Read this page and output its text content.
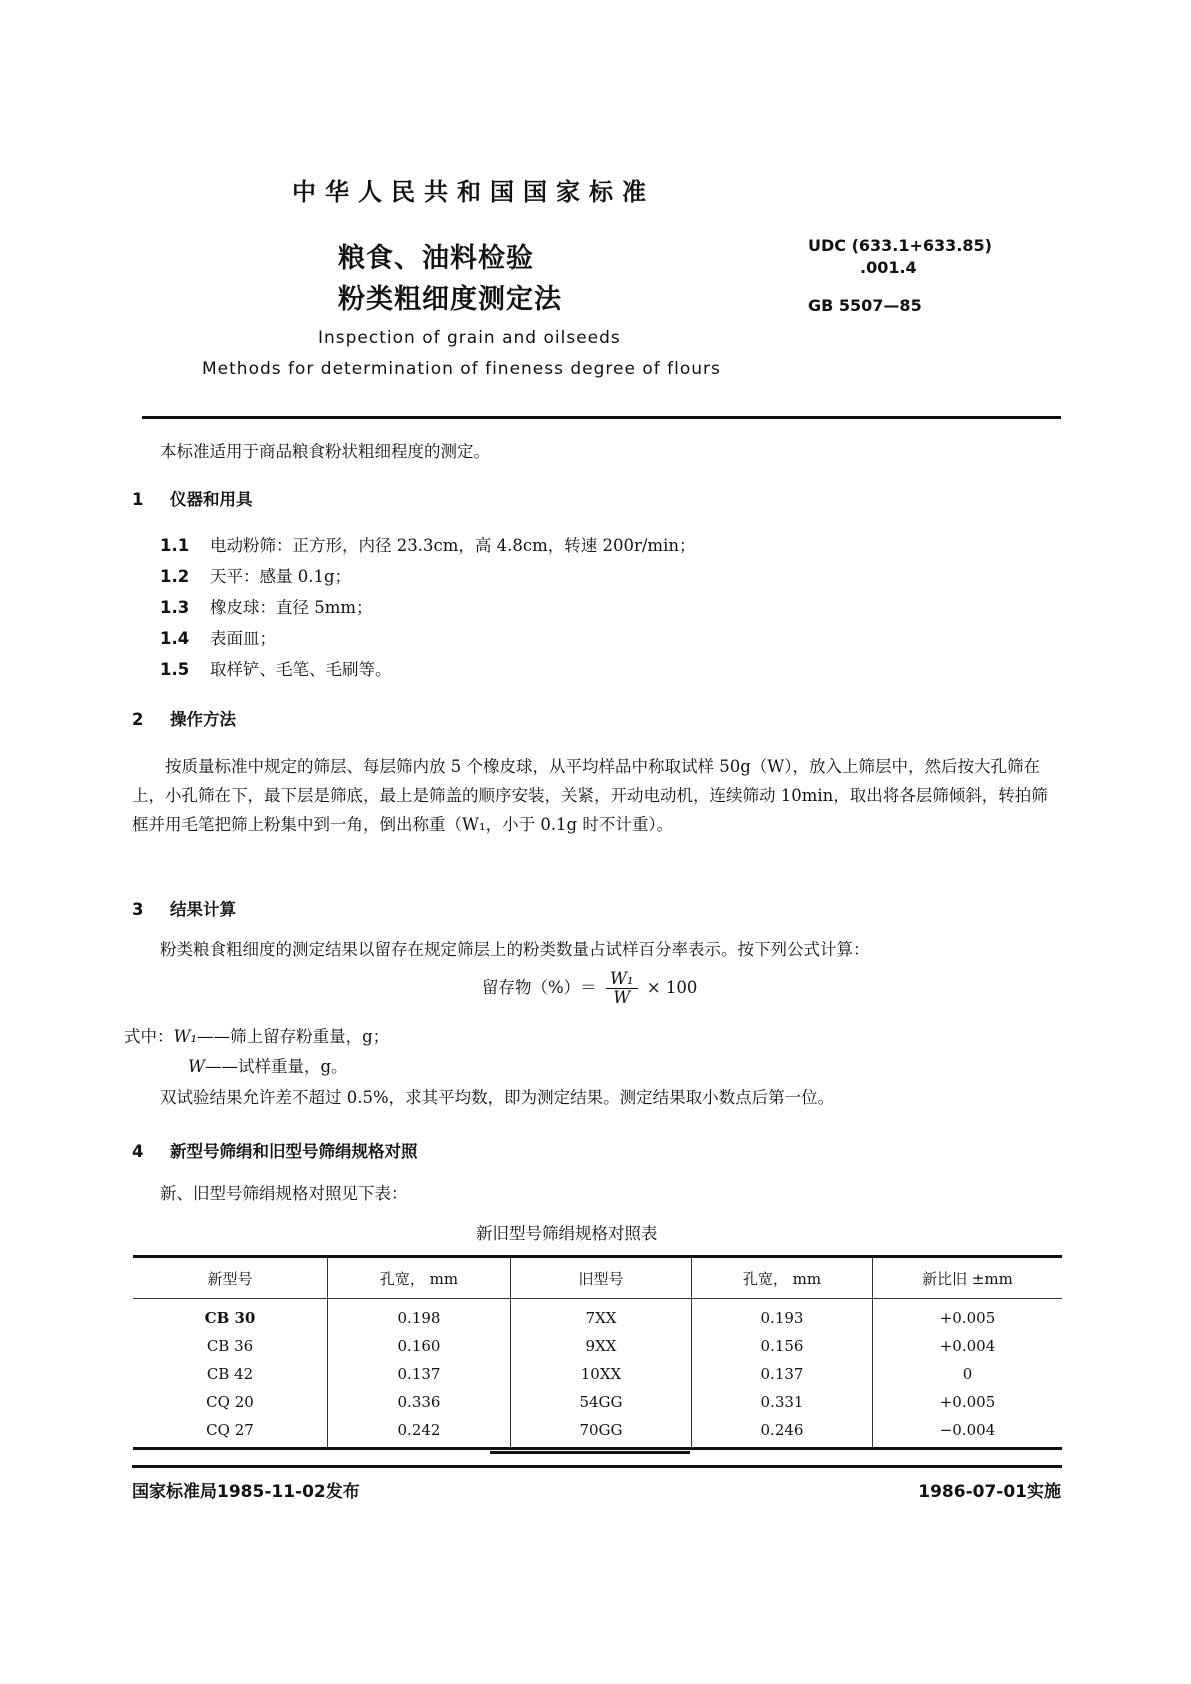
中华人民共和国国家标准
粮食、油料检验
粉类粗细度测定法
UDC (633.1+633.85)
.001.4
GB 5507—85
Inspection of grain and oilseeds
Methods for determination of fineness degree of flours
本标准适用于商品粮食粉状粗细程度的测定。
1 仪器和用具
1.1 电动粉筛：正方形，内径 23.3cm，高 4.8cm，转速 200r/min；
1.2 天平：感量 0.1g；
1.3 橡皮球：直径 5mm；
1.4 表面皿；
1.5 取样铲、毛笔、毛刷等。
2 操作方法
按质量标准中规定的筛层、每层筛内放 5 个橡皮球，从平均样品中称取试样 50g（W），放入上筛层中，然后按大孔筛在上，小孔筛在下，最下层是筛底，最上是筛盖的顺序安装，关紧，开动电动机，连续筛动 10min，取出将各层筛倾斜，转拍筛框并用毛笔把筛上粉集中到一角，倒出称重（W₁，小于 0.1g 时不计重）。
3 结果计算
粉类粮食粗细度的测定结果以留存在规定筛层上的粉类数量占试样百分率表示。按下列公式计算：
留存物（%）＝ $\frac{\text{W₁}}{W} \times 100$
式中：W₁——筛上留存粉重量，g；
W——试样重量，g。
双试验结果允许差不超过 0.5%，求其平均数，即为测定结果。测定结果取小数点后第一位。
4 新型号筛绢和旧型号筛绢规格对照
新、旧型号筛绢规格对照见下表：
新旧型号筛绢规格对照表
新型号	孔宽， mm	旧型号	孔宽， mm	新比旧 ±mm
CB 30	0.198	7XX	0.193	+0.005
CB 36	0.160	9XX	0.156	+0.004
CB 42	0.137	10XX	0.137	0
CQ 20	0.336	54GG	0.331	+0.005
CQ 27	0.242	70GG	0.246	−0.004
国家标准局1985-11-02发布	1986-07-01实施
